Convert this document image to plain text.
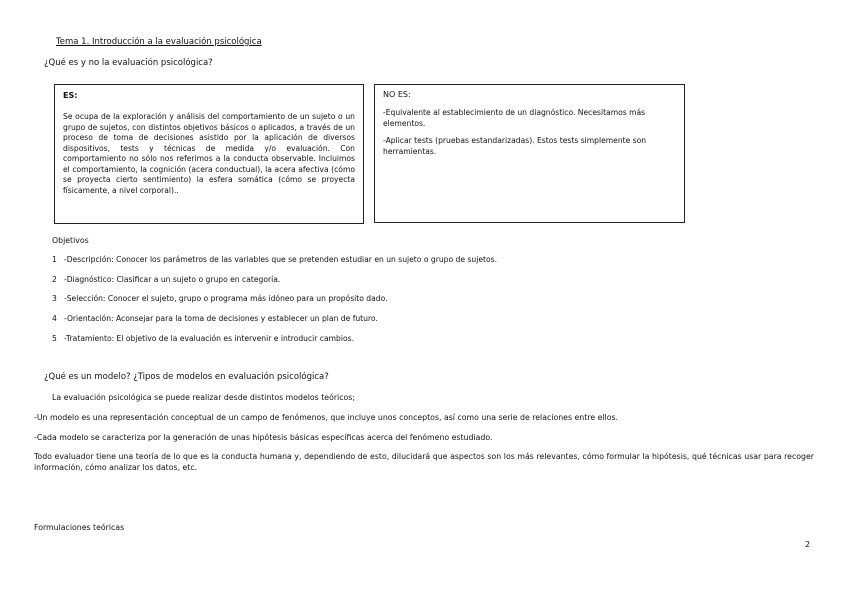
Tema 1. Introducción a la evaluación psicológica
¿Qué es y no la evaluación psicológica?
ES:

Se ocupa de la exploración y análisis del comportamiento de un sujeto o un grupo de sujetos, con distintos objetivos básicos o aplicados, a través de un proceso de toma de decisiones asistido por la aplicación de diversos dispositivos, tests y técnicas de medida y/o evaluación. Con comportamiento no sólo nos referimos a la conducta observable. Incluimos el comportamiento, la cognición (acera conductual), la acera afectiva (cómo se proyecta cierto sentimiento) la esfera somática (cómo se proyecta físicamente, a nivel corporal)..

NO ES:

-Equivalente al establecimiento de un diagnóstico. Necesitamos más elementos.

-Aplicar tests (pruebas estandarizadas). Estos tests simplemente son herramientas.

Objetivos
1 -Descripción: Conocer los parámetros de las variables que se pretenden estudiar en un sujeto o grupo de sujetos.
2 -Diagnóstico: Clasificar a un sujeto o grupo en categoría.
3 -Selección: Conocer el sujeto, grupo o programa más idóneo para un propósito dado.
4 -Orientación: Aconsejar para la toma de decisiones y establecer un plan de futuro.
5 -Tratamiento: El objetivo de la evaluación es intervenir e introducir cambios.
¿Qué es un modelo? ¿Tipos de modelos en evaluación psicológica?
La evaluación psicológica se puede realizar desde distintos modelos teóricos;
-Un modelo es una representación conceptual de un campo de fenómenos, que incluye unos conceptos, así como una serie de relaciones entre ellos.
-Cada modelo se caracteriza por la generación de unas hipótesis básicas específicas acerca del fenómeno estudiado.
Todo evaluador tiene una teoría de lo que es la conducta humana y, dependiendo de esto, dilucidará que aspectos son los más relevantes, cómo formular la hipótesis, qué técnicas usar para recoger información, cómo analizar los datos, etc.
Formulaciones teóricas
2
